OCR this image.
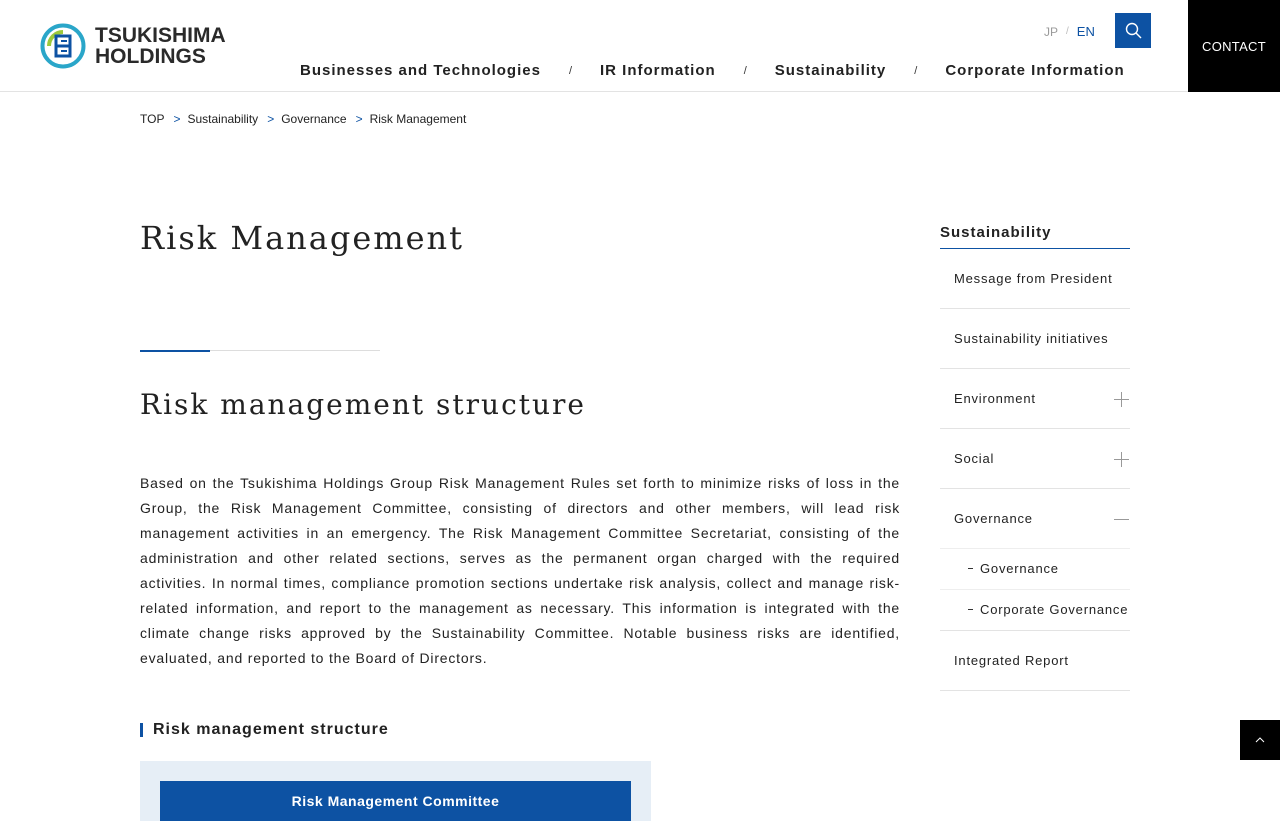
TSUKISHIMA
HOLDINGS
JP / EN
Businesses and Technologies	/ IR Information	/ Sustainability	/ Corporate Information
CONTACT
TOP > Sustainability > Governance > Risk Management
Risk Management
Risk management structure

Based on the Tsukishima Holdings Group Risk Management Rules set forth to minimize risks of loss in the Group, the Risk Management Committee, consisting of directors and other members, will lead risk management activities in an emergency. The Risk Management Committee Secretariat, consisting of the administration and other related sections, serves as the permanent organ charged with the required activities. In normal times, compliance promotion sections undertake risk analysis, collect and manage risk-related information, and report to the management as necessary. This information is integrated with the climate change risks approved by the Sustainability Committee. Notable business risks are identified, evaluated, and reported to the Board of Directors.

Risk management structure
Risk Management Committee
Sustainability
Message from President
Sustainability initiatives
Environment
Social
Governance
Governance
Corporate Governance
Integrated Report
